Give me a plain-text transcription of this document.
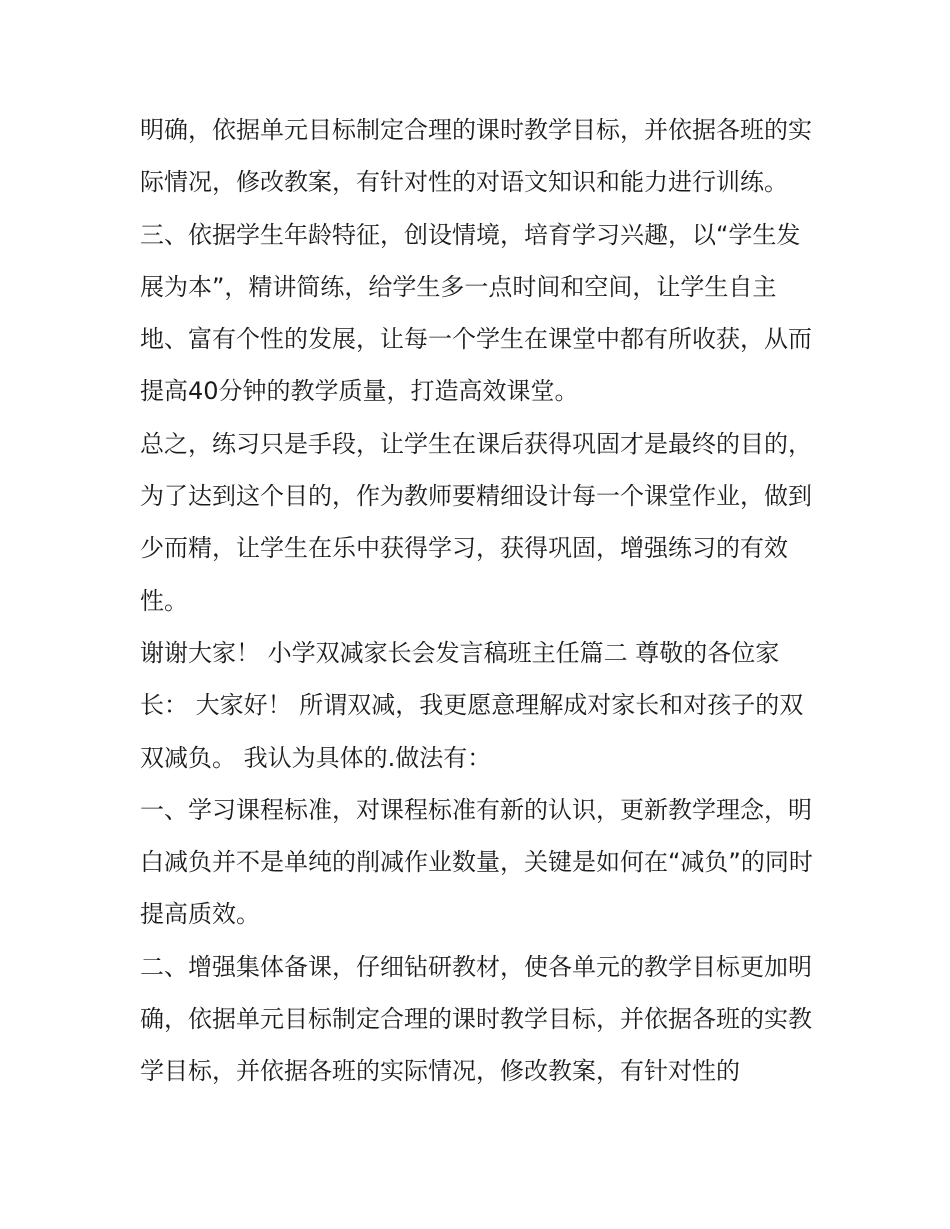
明确，依据单元目标制定合理的课时教学目标，并依据各班的实际情况，修改教案，有针对性的对语文知识和能力进行训练。

三、依据学生年龄特征，创设情境，培育学习兴趣，以“学生发展为本”，精讲简练，给学生多一点时间和空间，让学生自主地、富有个性的发展，让每一个学生在课堂中都有所收获，从而提高40分钟的教学质量，打造高效课堂。

总之，练习只是手段，让学生在课后获得巩固才是最终的目的，为了达到这个目的，作为教师要精细设计每一个课堂作业，做到少而精，让学生在乐中获得学习，获得巩固，增强练习的有效性。

谢谢大家！ 小学双减家长会发言稿班主任篇二 尊敬的各位家长： 大家好！ 所谓双减，我更愿意理解成对家长和对孩子的双双减负。 我认为具体的.做法有：

一、学习课程标准，对课程标准有新的认识，更新教学理念，明白减负并不是单纯的削减作业数量，关键是如何在“减负”的同时提高质效。

二、增强集体备课，仔细钻研教材，使各单元的教学目标更加明确，依据单元目标制定合理的课时教学目标，并依据各班的实教学目标，并依据各班的实际情况，修改教案，有针对性的
